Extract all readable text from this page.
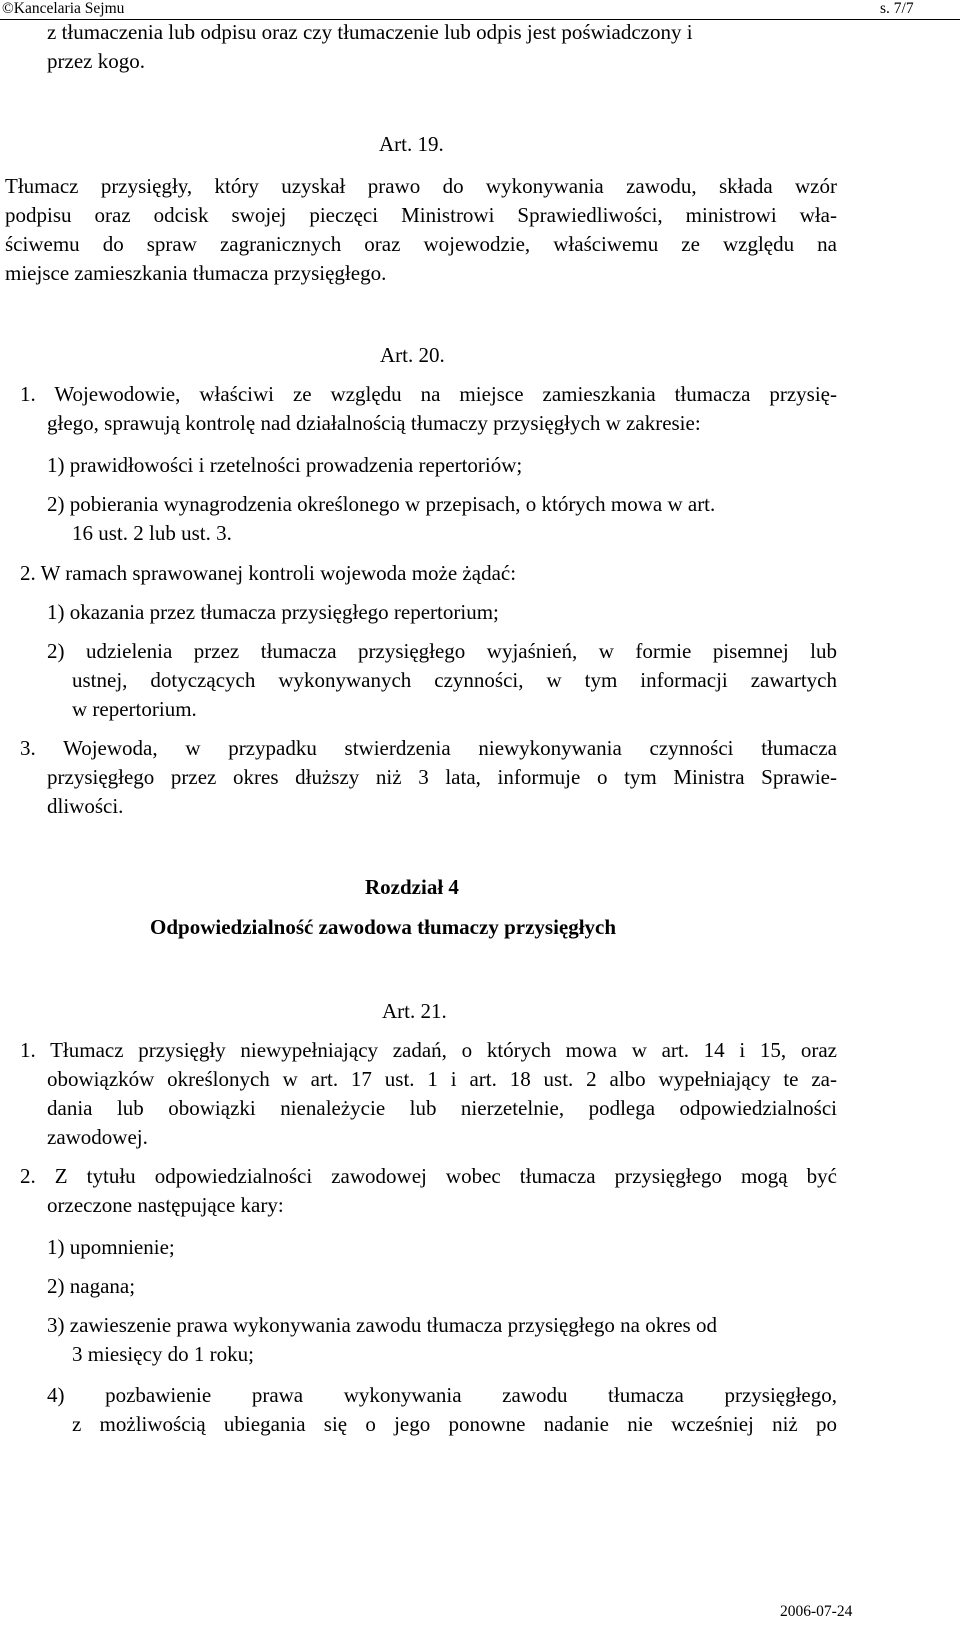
©Kancelaria Sejmu	s. 7/7
z tłumaczenia lub odpisu oraz czy tłumaczenie lub odpis jest poświadczony i
przez kogo.
Art. 19.
Tłumacz przysięgły, który uzyskał prawo do wykonywania zawodu, składa wzór
podpisu oraz odcisk swojej pieczęci Ministrowi Sprawiedliwości, ministrowi wła-
ściwemu do spraw zagranicznych oraz wojewodzie, właściwemu ze względu na
miejsce zamieszkania tłumacza przysięgłego.
Art. 20.
1. Wojewodowie, właściwi ze względu na miejsce zamieszkania tłumacza przysię-
głego, sprawują kontrolę nad działalnością tłumaczy przysięgłych w zakresie:
1) prawidłowości i rzetelności prowadzenia repertoriów;
2) pobierania wynagrodzenia określonego w przepisach, o których mowa w art.
16 ust. 2 lub ust. 3.
2. W ramach sprawowanej kontroli wojewoda może żądać:
1) okazania przez tłumacza przysięgłego repertorium;
2) udzielenia przez tłumacza przysięgłego wyjaśnień, w formie pisemnej lub
ustnej, dotyczących wykonywanych czynności, w tym informacji zawartych
w repertorium.
3. Wojewoda, w przypadku stwierdzenia niewykonywania czynności tłumacza
przysięgłego przez okres dłuższy niż 3 lata, informuje o tym Ministra Sprawie-
dliwości.
Rozdział 4
Odpowiedzialność zawodowa tłumaczy przysięgłych
Art. 21.
1. Tłumacz przysięgły niewypełniający zadań, o których mowa w art. 14 i 15, oraz
obowiązków określonych w art. 17 ust. 1 i art. 18 ust. 2 albo wypełniający te za-
dania lub obowiązki nienależycie lub nierzetelnie, podlega odpowiedzialności
zawodowej.
2. Z tytułu odpowiedzialności zawodowej wobec tłumacza przysięgłego mogą być
orzeczone następujące kary:
1) upomnienie;
2) nagana;
3) zawieszenie prawa wykonywania zawodu tłumacza przysięgłego na okres od
3 miesięcy do 1 roku;
4) pozbawienie prawa wykonywania zawodu tłumacza przysięgłego,
z możliwością ubiegania się o jego ponowne nadanie nie wcześniej niż po
2006-07-24
